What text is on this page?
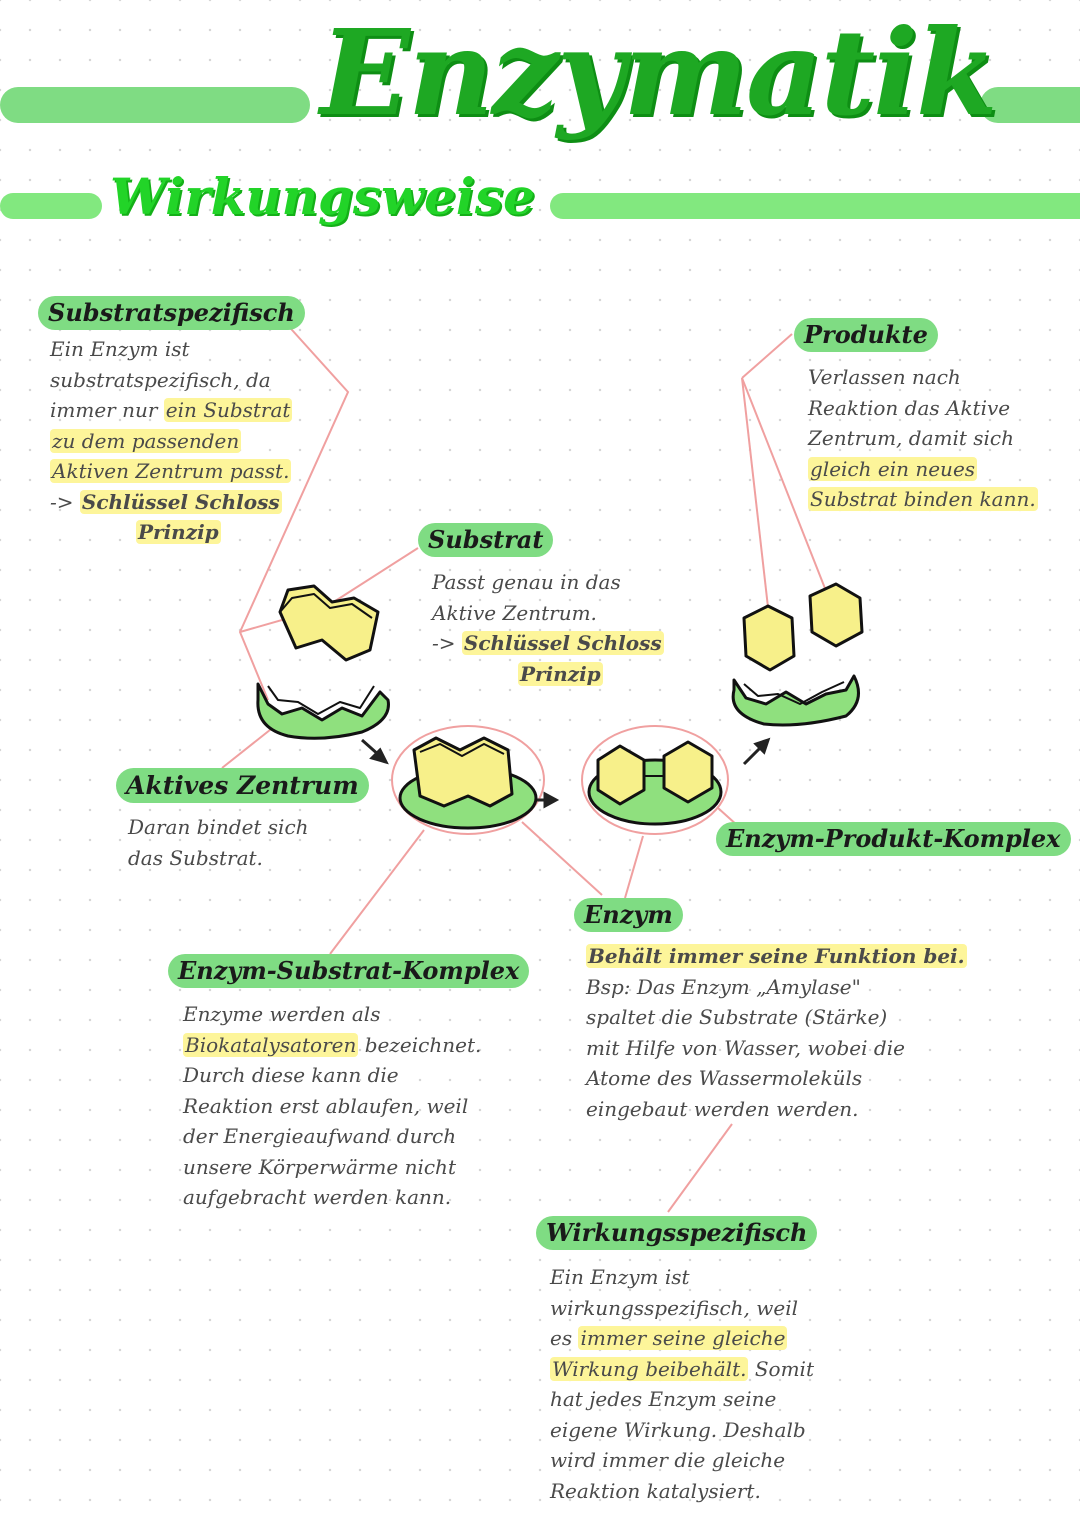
Enzymatik
Wirkungsweise
Substratspezifisch
Ein Enzym ist
substratspezifisch, da
immer nur ein Substrat
zu dem passenden
Aktiven Zentrum passt.
-> Schlüssel Schloss
Prinzip
Produkte
Verlassen nach
Reaktion das Aktive
Zentrum, damit sich
gleich ein neues
Substrat binden kann.
Substrat
Passt genau in das
Aktive Zentrum.
-> Schlüssel Schloss
Prinzip
Aktives Zentrum
Daran bindet sich
das Substrat.
Enzym-Produkt-Komplex
Enzym
Behält immer seine Funktion bei.
Bsp: Das Enzym „Amylase"
spaltet die Substrate (Stärke)
mit Hilfe von Wasser, wobei die
Atome des Wassermoleküls
eingebaut werden werden.
Enzym-Substrat-Komplex
Enzyme werden als
Biokatalysatoren bezeichnet.
Durch diese kann die
Reaktion erst ablaufen, weil
der Energieaufwand durch
unsere Körperwärme nicht
aufgebracht werden kann.
Wirkungsspezifisch
Ein Enzym ist
wirkungsspezifisch, weil
es immer seine gleiche
Wirkung beibehält. Somit
hat jedes Enzym seine
eigene Wirkung. Deshalb
wird immer die gleiche
Reaktion katalysiert.
